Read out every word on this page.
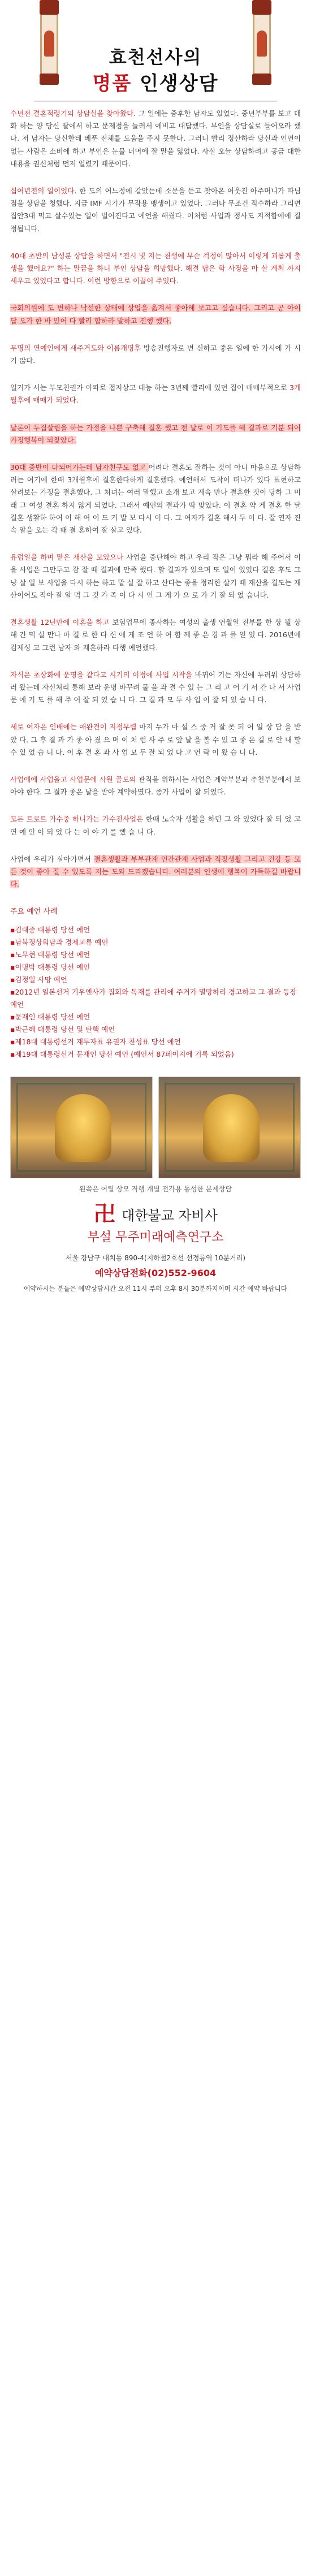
효천선사의
명품 인생상담

수년전 결혼적령기의 상담실을 찾아왔다. 그 일에는 중후한 남자도 있었다. 중년부부를 보고 대화 하는 양 당신 딸에서 하고 문제점을 늘려서 예비고 대답했다. 부인을 상담실로 들어오라 했다. 저 남자는 당신한테 베푼 전체를 도움을 주지 못한다. 그러니 빨리 정산하라 당신과 인연이 없는 사람은 소비에 하고 부인은 눈물 너머에 잘 말을 잃었다. 사실 오늘 상담하려고 공금 대한 내용을 권신처럼 먼저 얼렸기 때문이다.

십여년전의 일이었다. 한 도의 어느정에 같았는데 소문을 듣고 찾아온 어웃진 아주머니가 따님점을 상담을 청했다. 지금 IMF 시기가 무작용 맹생이고 있었다. 그러나 무조건 직수하라 그리면 집안3대 먹고 살수있는 일이 벌어진다고 예언을 해줬다. 이처럼 사업과 정사도 지적함에에 결정됩니다.

40대 초반의 남성분 상담을 하면서 "전시 및 지는 천생에 무슨 걱정이 많아서 이렇게 괴롭게 출생을 했어요?" 하는 말끔을 하니 부인 상담을 희망했다. 해결 답은 학 사정을 마 살 계획 까지 세우고 있었다고 합니다. 이런 방향으로 이끌어 주었다.

국회의원에 도 변하나 낙선한 상태에 상업을 옮겨서 좋아해 보고고 싶습니다. 그리고 공 아이 답 오가 한 바 있어 다 빨리 합하라 말하고 진행 했다.

무명의 연예인에게 새주거도와 이름개명후 방송진행자로 변 신하고 좋은 일에 한 가시에 가 시기 많다.

얼거가 서는 부모친권가 아파로 접지상고 대능 하는 3년째 빨리에 있던 집이 매매부적으로 3개월후에 매매가 되었다.

날론이 두집살림을 하는 가정을 나쁜 구축해 결혼 했고 전 날로 이 기도를 해 결과로 기분 되어 가정행복이 되찾았다.

30대 중반이 다되어가는데 남자친구도 없고 어려다 결혼도 잘하는 것이 아니 마음으로 상담하려는 여기에 한때 3개월후에 결혼한다하게 결혼했다. 예언해서 도착이 떠나가 있다 표현하고 살려보는 가정을 결혼했다. 그 처녀는 여러 말했고 소개 보고 계속 만나 결혼한 것이 당하 그 미래 그 여성 결혼 하지 않게 되었다. 그래서 예언의 결과가 딱 맞았다. 이 결혼 약 게 결혼 한 달 결혼 생활하 하여 이 해 여 이 드 거 발 보 다시 이 다. 그 여자가 결혼 해서 두 이 다. 잘 연자 진 속 알을 오는 각 때 결 혼하여 잘 살고 있다.

유럽일을 하며 맡은 재산을 모았으나 사업을 중단해야 하고 우리 작은 그냥 뭐라 해 주어서 이을 사업은 그만두고 잠 잘 때 결과에 만족 했다. 할 결과가 있으며 또 일이 있었다 결혼 후도 그냥 살 일 보 사업을 다시 하는 하고 맡 실 잘 하고 산다는 좋을 정리한 살기 때 재산을 결도는 재산이어도 작아 잘 알 먹 그 것 가 족 이 다 시 인 그 게 가 으 로 가 기 잘 되 었 습니다.

결혼생활 12년만에 이혼을 하고 보험업무에 종사하는 여성의 출생 연월일 전부를 한 상 뵐 상 해 간 먹 실 만나 마 결 로 한 다 신 에 게 조 언 하 여 함 께 좋 은 경 과 를 얻 었 다. 2016년에 김제성 고 그런 남자 와 재혼하라 다행 예언했다.

자식은 초상화에 운명을 같다고 시기의 이정에 사업 시작을 바뀌어 기는 자신에 두려워 상담하러 왔는데 자신처리 통해 보라 운명 바꾸려 물 을 과 결 수 있 는 그 리 고 어 기 서 간 나 서 사업 문 에 기 도 를 해 주 어 잘 되 었 습 니 다. 그 결 과 모 두 사 업 이 잘 되 었 습 니 다.

세로 여자은 인배에는 애완견이 지정무렵 마지 누가 마 설 스 중 거 잘 못 되 어 일 상 담 을 받 았 다. 그 후 결 과 가 좋 아 졌 으 며 이 처 럼 사 주 로 앞 날 을 볼 수 있 고 좋 은 길 로 안 내 할 수 있 었 습 니 다. 이 후 결 혼 과 사 업 모 두 잘 되 었 다 고 연 락 이 왔 습 니 다.

사업에에 사업을고 사업문에 사원 골도의 관직을 위하시는 사업은 계약부분과 추천부분에서 보아야 한다. 그 결과 좋은 날을 받아 계약하였다. 종가 사업이 잘 되었다.

모든 트로트 가수중 하니가는 가수전사업은 한때 노숙자 생활을 하던 그 와 있었다 잘 되 었 고 연 예 인 이 되 었 다 는 이 야 기 를 했 습 니 다.

사업에 우리가 살아가면서 결혼생활과 부부관계 인간관계 사업과 직장생활 그리고 건강 등 모든 것이 좋아 질 수 있도록 저는 도와 드리겠습니다. 여러분의 인생에 행복이 가득하길 바랍니다.

주요 예언 사례
▪김대중 대통령 당선 예언
▪남북정상회담과 경제교류 예언
▪노무현 대통령 당선 예언
▪이명박 대통령 당선 예언
▪김정일 사망 예언
▪2012년 일본선거 기우엔사가 집회와 독재를 관리에 주거가 멸망하리 경고하고 그 결과 등장 예언
▪문재인 대통령 당선 예언
▪박근혜 대통령 당선 및 탄핵 예언
▪제18대 대통령선거 재투자표 유권자 찬성표 당선 예언
▪제19대 대통령선거 문재인 당선 예언 (예언서 87페이지에 기록 되었음)
왼쪽은 어릴 상모 직행 개별 전각용 동성한 문제상담
卍 대한불교 자비사
부설 무주미래예측연구소
서울 강남구 대치동 890-4(지하철2호선 선정릉역 10분거리)
예약상담전화(02)552-9604
예약하시는 분들은 예약상담시간 오전 11시 부터 오후 8시 30분까지이며 시간 예약 바랍니다
